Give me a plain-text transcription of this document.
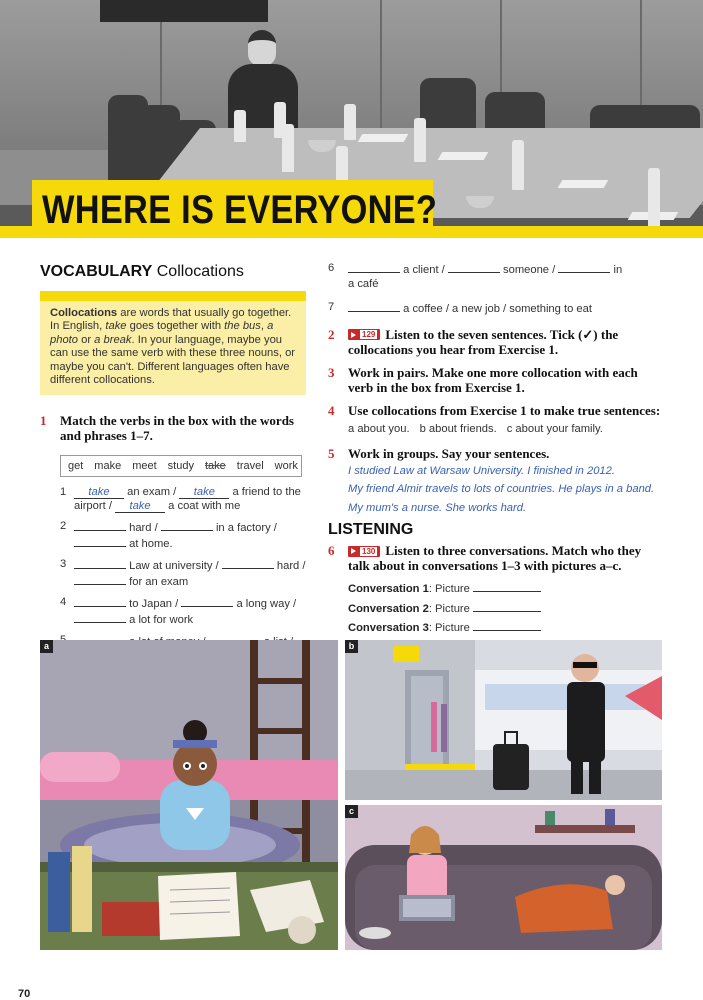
WHERE IS EVERYONE?
VOCABULARY Collocations
Collocations are words that usually go together. In English, take goes together with the bus, a photo or a break. In your language, maybe you can use the same verb with these three nouns, or maybe you can't. Different languages often have different collocations.
1	Match the verbs in the box with the words and phrases 1–7.
get make meet study take travel work
1	take an exam / take a friend to the airport / take a coat with me
2	hard /	in a factory /
at home.
3	Law at university /	hard /
for an exam
4	to Japan /	a long way /
a lot for work

6	a client /	someone /	in
a café
7	a coffee / a new job / something to eat
2	129 Listen to the seven sentences. Tick (✓) the collocations you hear from Exercise 1.
3	Work in pairs. Make one more collocation with each verb in the box from Exercise 1.
4	Use collocations from Exercise 1 to make true sentences:
a about you. b about friends. c about your family.
5	Work in groups. Say your sentences.
I studied Law at Warsaw University. I finished in 2012.
My friend Almir travels to lots of countries. He plays in a band.
My mum's a nurse. She works hard.
LISTENING
6	130 Listen to three conversations. Match who they talk about in conversations 1–3 with pictures a–c.
Conversation 1: Picture
Conversation 2: Picture
Conversation 3: Picture
a	b
c
70
